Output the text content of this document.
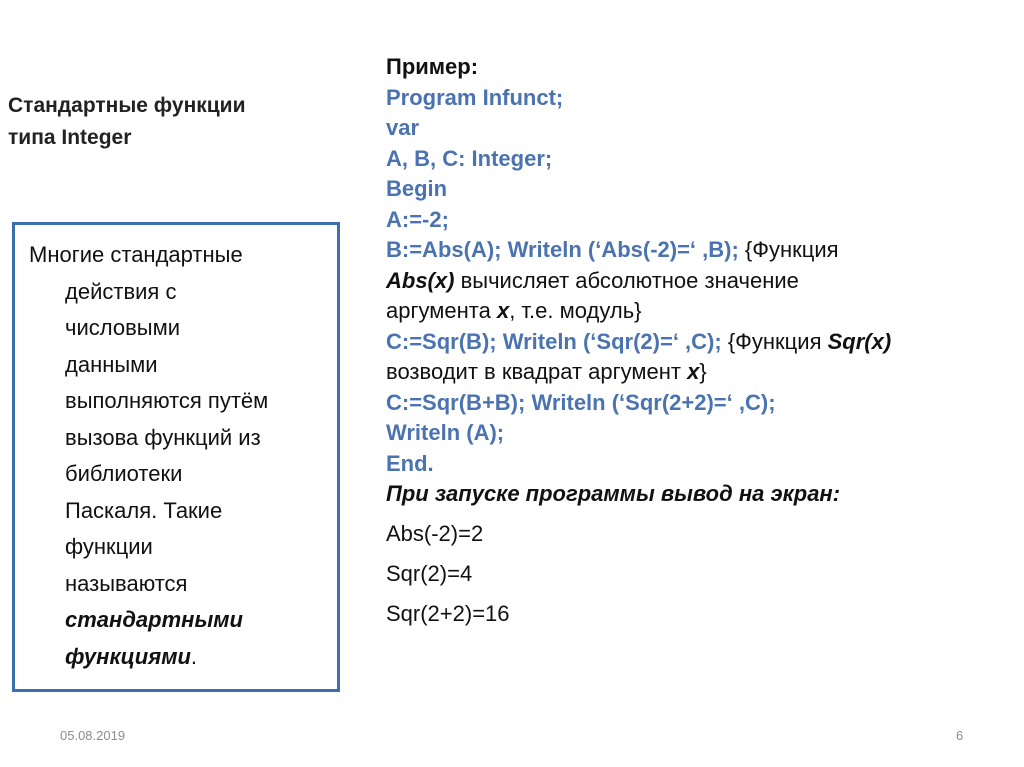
Стандартные функции
типа Integer
Многие стандартные
действия с
числовыми
данными
выполняются путём
вызова функций из
библиотеки
Паскаля. Такие
функции
называются
стандартными
функциями.
Пример:
Program Infunct;
var
A, B, C: Integer;
Begin
A:=-2;
B:=Abs(A); Writeln (‘Abs(-2)=‘ ,B); {Функция
Abs(x) вычисляет абсолютное значение
аргумента x, т.е. модуль}
C:=Sqr(B); Writeln (‘Sqr(2)=‘ ,C); {Функция Sqr(x)
возводит в квадрат аргумент x}
C:=Sqr(B+B); Writeln (‘Sqr(2+2)=‘ ,C);
Writeln (A);
End.
При запуске программы вывод на экран:
Abs(-2)=2
Sqr(2)=4
Sqr(2+2)=16
05.08.2019	6
